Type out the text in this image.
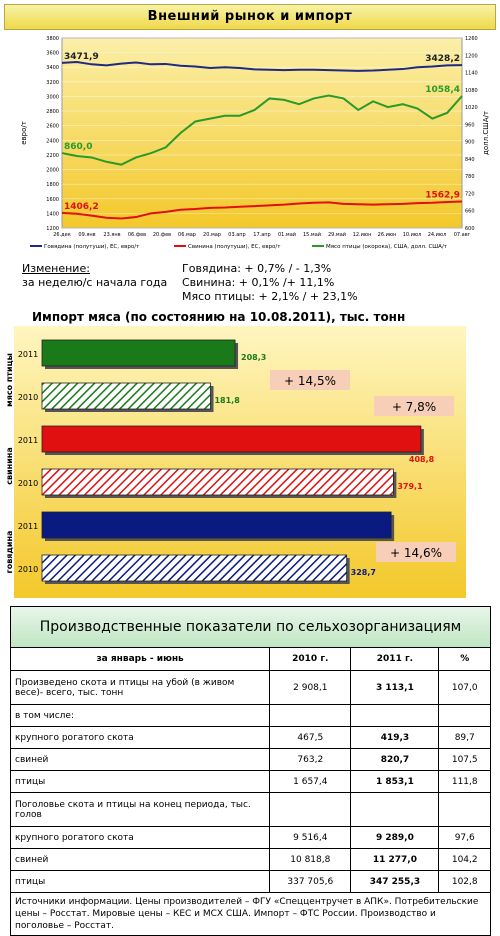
Внешний рынок и импорт
1200
1400
1600
1800
2000
2200
2400
2600
2800
3000
3200
3400
3600
3800
600
660
720
780
840
900
960
1020
1080
1140
1200
1260
26.дек 09.янв 23.янв 06.фев 20.фев 06.мар 20.мар 03.апр 17.апр 01.май 15.май 29.май 12.июн 26.июн 10.июл 24.июл 07.авг
евро/т	долл.США/т
3471,9	3428,2
1406,2
1562,9
860,0
1058,4
Говядина (полутуши), ЕС, евро/т	Свинина (полутуши), ЕС, евро/т	Мясо птицы (окорока), США, долл. США/т
Изменение:
за неделю/с начала года
Говядина: + 0,7% / - 1,3%
Свинина: + 0,1% /+ 11,1%
Мясо птицы: + 2,1% / + 23,1%
Импорт мяса (по состоянию на 10.08.2011), тыс. тонн
2011	208,3
2010	181,8
мясо птицы	+ 14,5%
2011
408,8
2010	379,1
свинина
+ 7,8%
2011
2010	328,7
говядина	+ 14,6%
Производственные показатели по сельхозорганизациям
за январь - июнь	2010 г.	2011 г.	%
Произведено скота и птицы на убой (в живом весе)- всего, тыс. тонн	2 908,1	3 113,1	107,0
в том числе:			
крупного рогатого скота	467,5	419,3	89,7
свиней	763,2	820,7	107,5
птицы	1 657,4	1 853,1	111,8
Поголовье скота и птицы на конец периода, тыс. голов			
крупного рогатого скота	9 516,4	9 289,0	97,6
свиней	10 818,8	11 277,0	104,2
птицы	337 705,6	347 255,3	102,8
Источники информации. Цены производителей – ФГУ «Спеццентручет в АПК». Потребительские цены – Росстат. Мировые цены – КЕС и МСХ США. Импорт – ФТС России. Производство и поголовье – Росстат.
